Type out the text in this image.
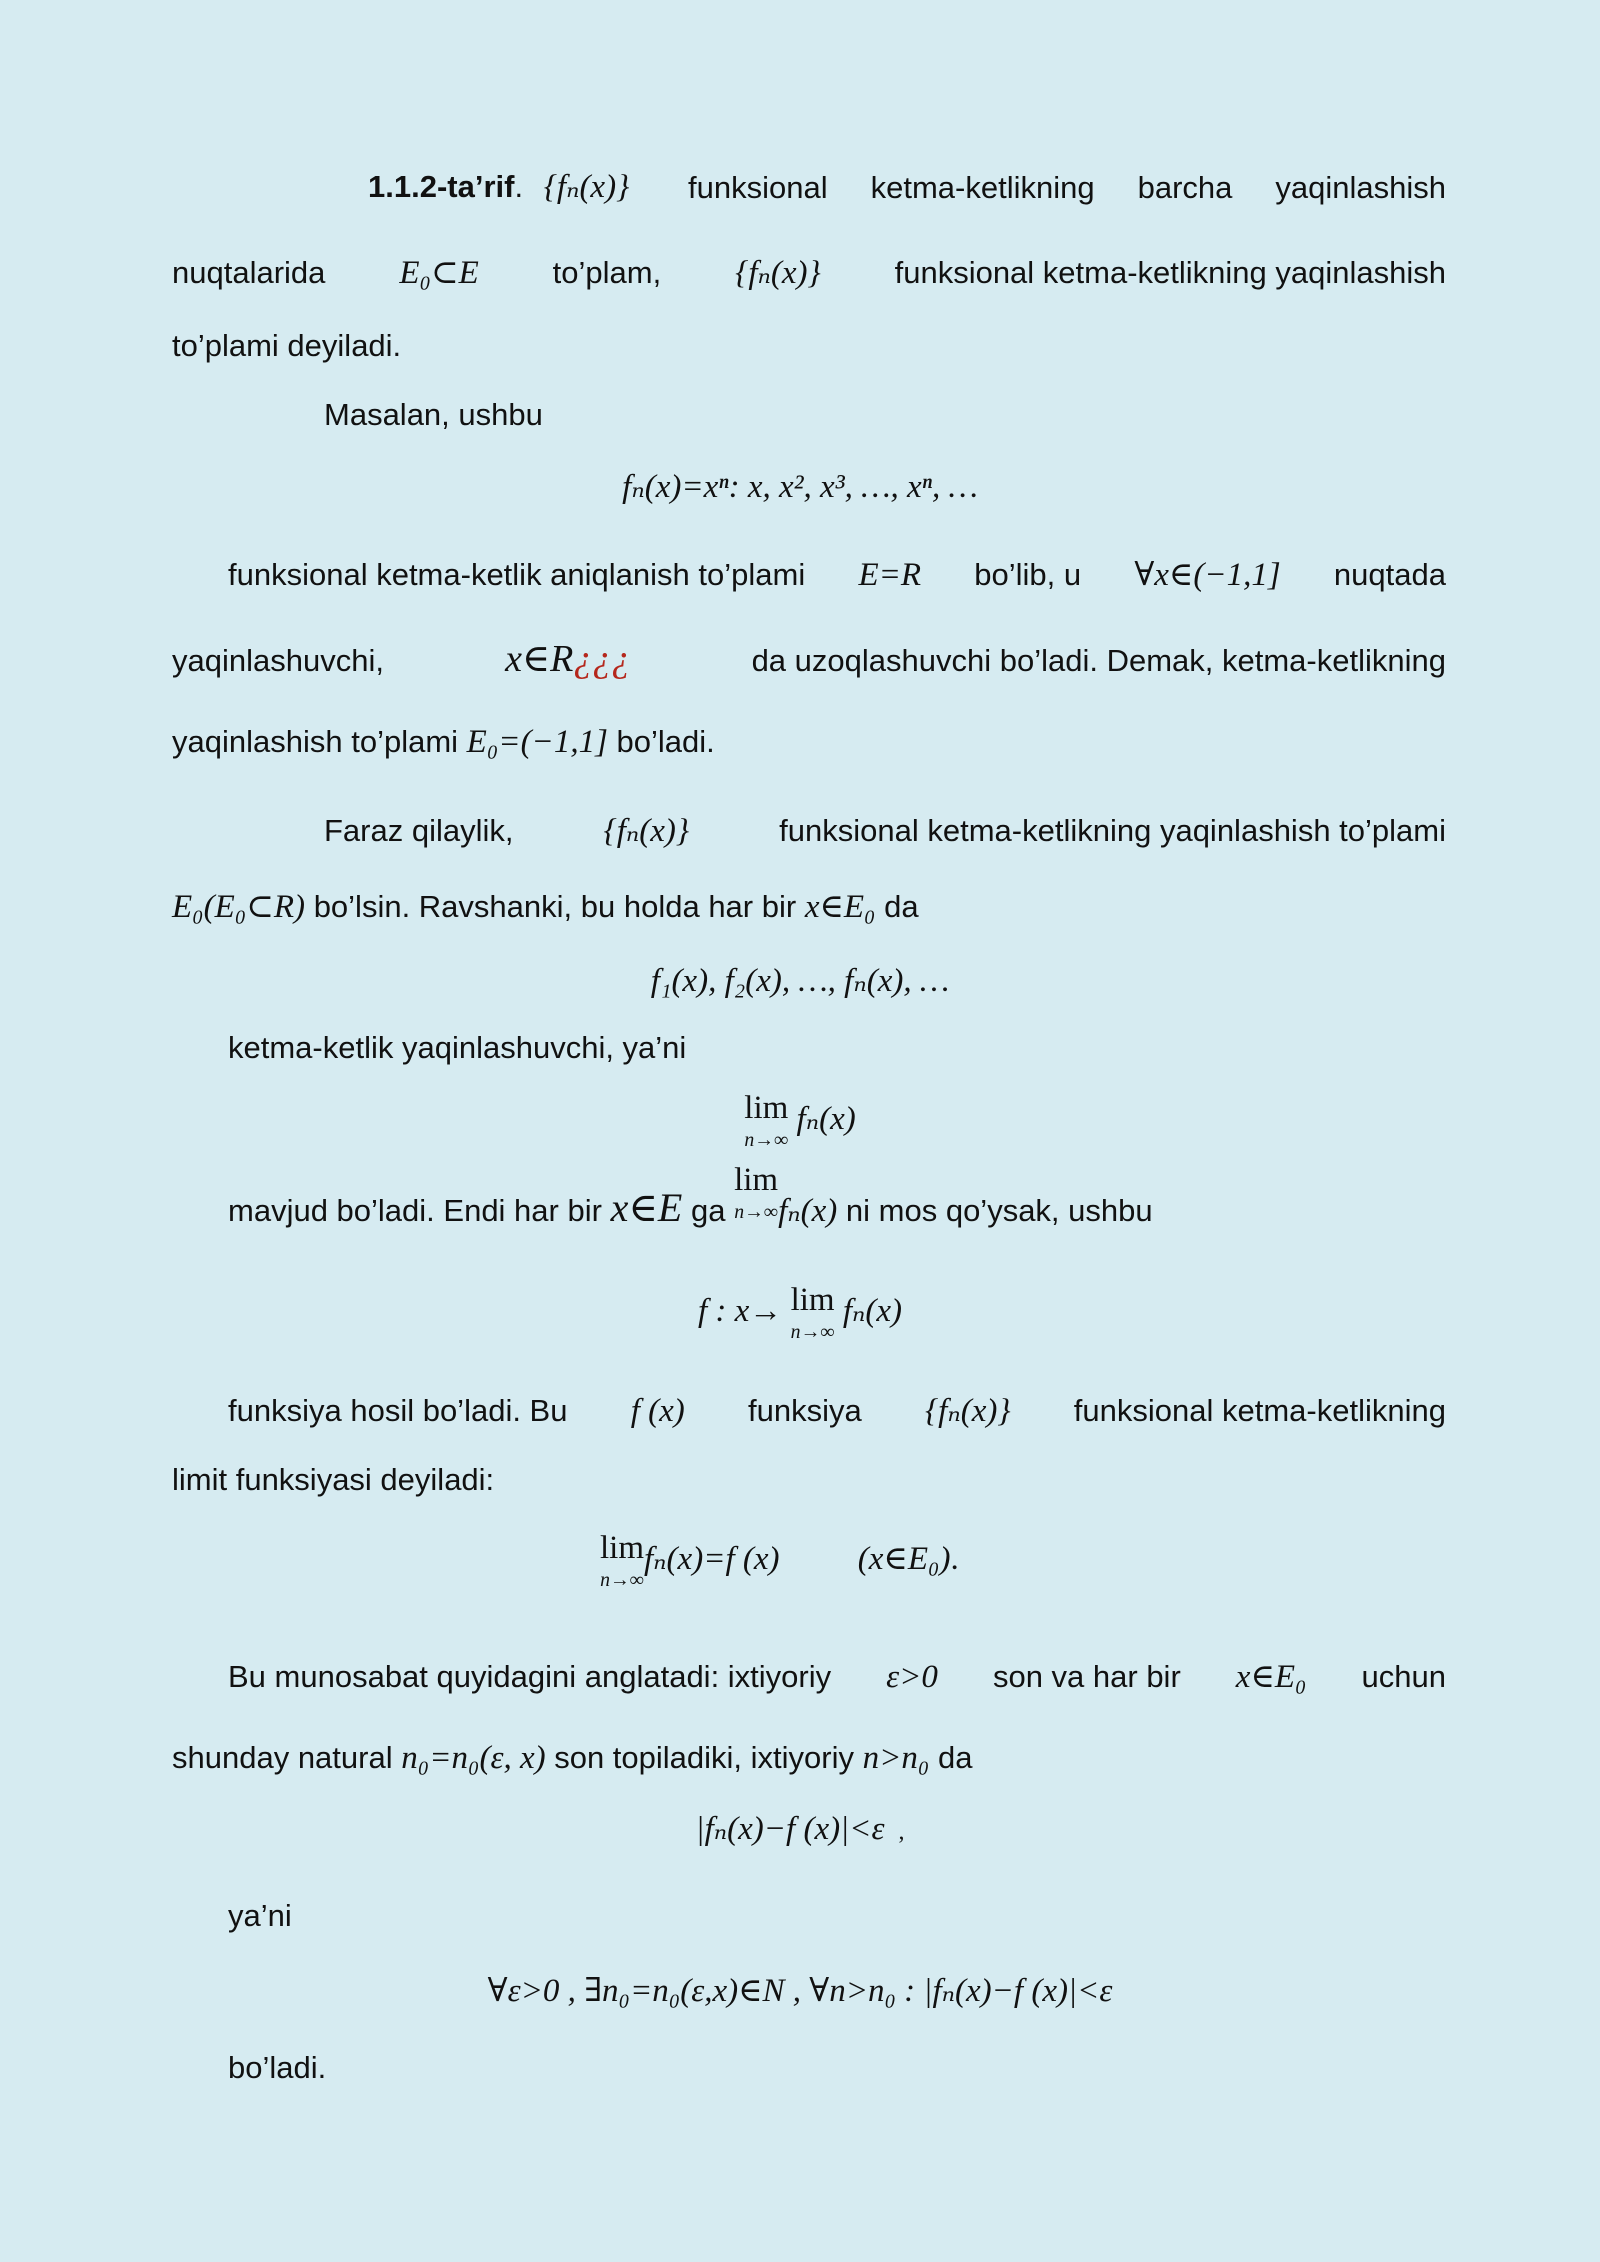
1.1.2-ta’rif. {fₙ(x)} funksional ketma-ketlikning barcha yaqinlashish
nuqtalarida E₀⊂E to’plam, {fₙ(x)} funksional ketma-ketlikning yaqinlashish
to’plami deyiladi.
Masalan, ushbu
fₙ(x)=xⁿ: x, x², x³, …, xⁿ, …
funksional ketma-ketlik aniqlanish to’plami E=R bo’lib, u ∀x∈(−1,1] nuqtada
yaqinlashuvchi,	x∈R¿¿¿	da uzoqlashuvchi bo’ladi. Demak, ketma-ketlikning
yaqinlashish to’plami E₀=(−1,1] bo’ladi.
Faraz qilaylik,	{fₙ(x)}	funksional ketma-ketlikning yaqinlashish to’plami
E₀(E₀⊂R) bo’lsin. Ravshanki, bu holda har bir x∈E₀ da
f₁(x), f₂(x), …, fₙ(x), …
ketma-ketlik yaqinlashuvchi, ya’ni
lim
n→∞
fₙ(x)
mavjud bo’ladi. Endi har bir x∈E ga
lim
n→∞ fₙ(x) ni mos qo’ysak, ushbu
f : x→ lim
n→∞
fₙ(x)
funksiya hosil bo’ladi. Bu f (x) funksiya {fₙ(x)} funksional ketma-ketlikning
limit funksiyasi deyiladi:
lim
n→∞
fₙ(x)=f (x) (x∈E₀).
Bu munosabat quyidagini anglatadi: ixtiyoriy ε>0 son va har bir x∈E₀ uchun
shunday natural n₀=n₀(ε, x) son topiladiki, ixtiyoriy n>n₀ da
|fₙ(x)−f (x)|<ε ,
ya’ni
∀ε>0 , ∃n₀=n₀(ε,x)∈N , ∀n>n₀ : |fₙ(x)−f (x)|<ε
bo’ladi.
